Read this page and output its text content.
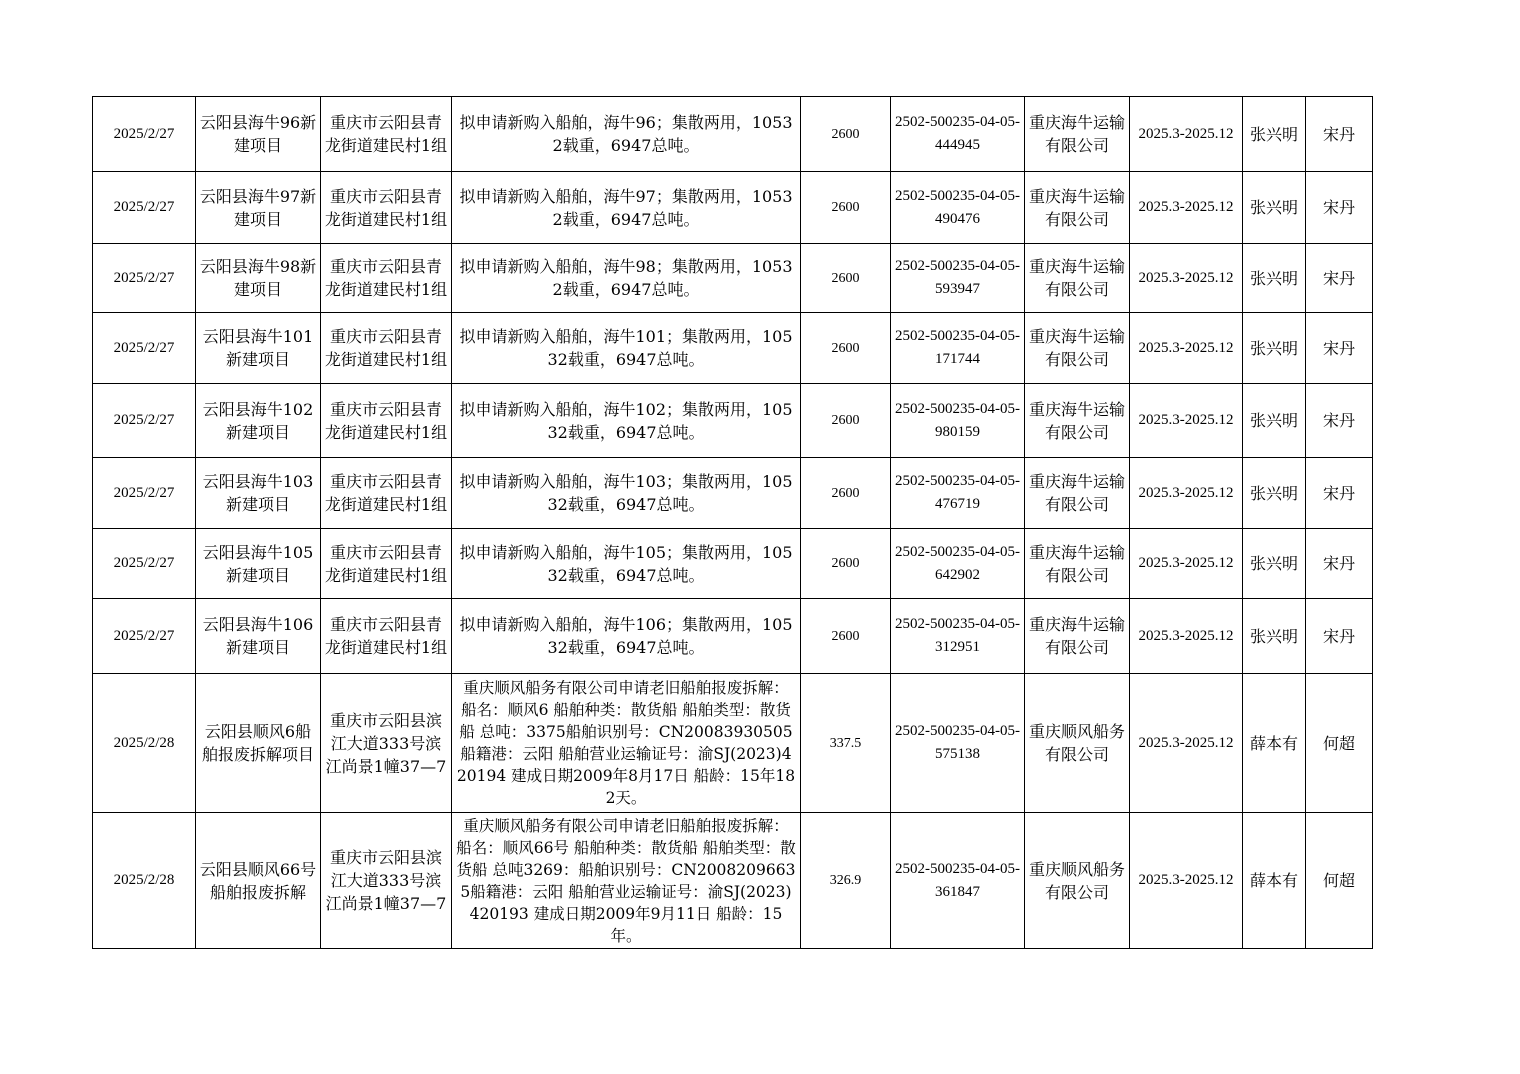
2025/2/27	云阳县海牛96新建项目	重庆市云阳县青龙街道建民村1组	拟申请新购入船舶，海牛96；集散两用，10532载重，6947总吨。	2600	2502-500235-04-05-444945	重庆海牛运输有限公司	2025.3-2025.12	张兴明	宋丹
2025/2/27	云阳县海牛97新建项目	重庆市云阳县青龙街道建民村1组	拟申请新购入船舶，海牛97；集散两用，10532载重，6947总吨。	2600	2502-500235-04-05-490476	重庆海牛运输有限公司	2025.3-2025.12	张兴明	宋丹
2025/2/27	云阳县海牛98新建项目	重庆市云阳县青龙街道建民村1组	拟申请新购入船舶，海牛98；集散两用，10532载重，6947总吨。	2600	2502-500235-04-05-593947	重庆海牛运输有限公司	2025.3-2025.12	张兴明	宋丹
2025/2/27	云阳县海牛101新建项目	重庆市云阳县青龙街道建民村1组	拟申请新购入船舶，海牛101；集散两用，10532载重，6947总吨。	2600	2502-500235-04-05-171744	重庆海牛运输有限公司	2025.3-2025.12	张兴明	宋丹
2025/2/27	云阳县海牛102新建项目	重庆市云阳县青龙街道建民村1组	拟申请新购入船舶，海牛102；集散两用，10532载重，6947总吨。	2600	2502-500235-04-05-980159	重庆海牛运输有限公司	2025.3-2025.12	张兴明	宋丹
2025/2/27	云阳县海牛103新建项目	重庆市云阳县青龙街道建民村1组	拟申请新购入船舶，海牛103；集散两用，10532载重，6947总吨。	2600	2502-500235-04-05-476719	重庆海牛运输有限公司	2025.3-2025.12	张兴明	宋丹
2025/2/27	云阳县海牛105新建项目	重庆市云阳县青龙街道建民村1组	拟申请新购入船舶，海牛105；集散两用，10532载重，6947总吨。	2600	2502-500235-04-05-642902	重庆海牛运输有限公司	2025.3-2025.12	张兴明	宋丹
2025/2/27	云阳县海牛106新建项目	重庆市云阳县青龙街道建民村1组	拟申请新购入船舶，海牛106；集散两用，10532载重，6947总吨。	2600	2502-500235-04-05-312951	重庆海牛运输有限公司	2025.3-2025.12	张兴明	宋丹
2025/2/28	云阳县顺风6船舶报废拆解项目	重庆市云阳县滨江大道333号滨江尚景1幢37—7	重庆顺风船务有限公司申请老旧船舶报废拆解：船名：顺风6 船舶种类：散货船 船舶类型：散货船 总吨：3375船舶识别号：CN20083930505船籍港：云阳 船舶营业运输证号：渝SJ(2023)420194 建成日期2009年8月17日 船龄：15年182天。	337.5	2502-500235-04-05-575138	重庆顺风船务有限公司	2025.3-2025.12	薛本有	何超
2025/2/28	云阳县顺风66号船舶报废拆解	重庆市云阳县滨江大道333号滨江尚景1幢37—7	重庆顺风船务有限公司申请老旧船舶报废拆解：船名：顺风66号 船舶种类：散货船 船舶类型：散货船 总吨3269：船舶识别号：CN20082096635船籍港：云阳 船舶营业运输证号：渝SJ(2023)420193 建成日期2009年9月11日 船龄：15年。	326.9	2502-500235-04-05-361847	重庆顺风船务有限公司	2025.3-2025.12	薛本有	何超
